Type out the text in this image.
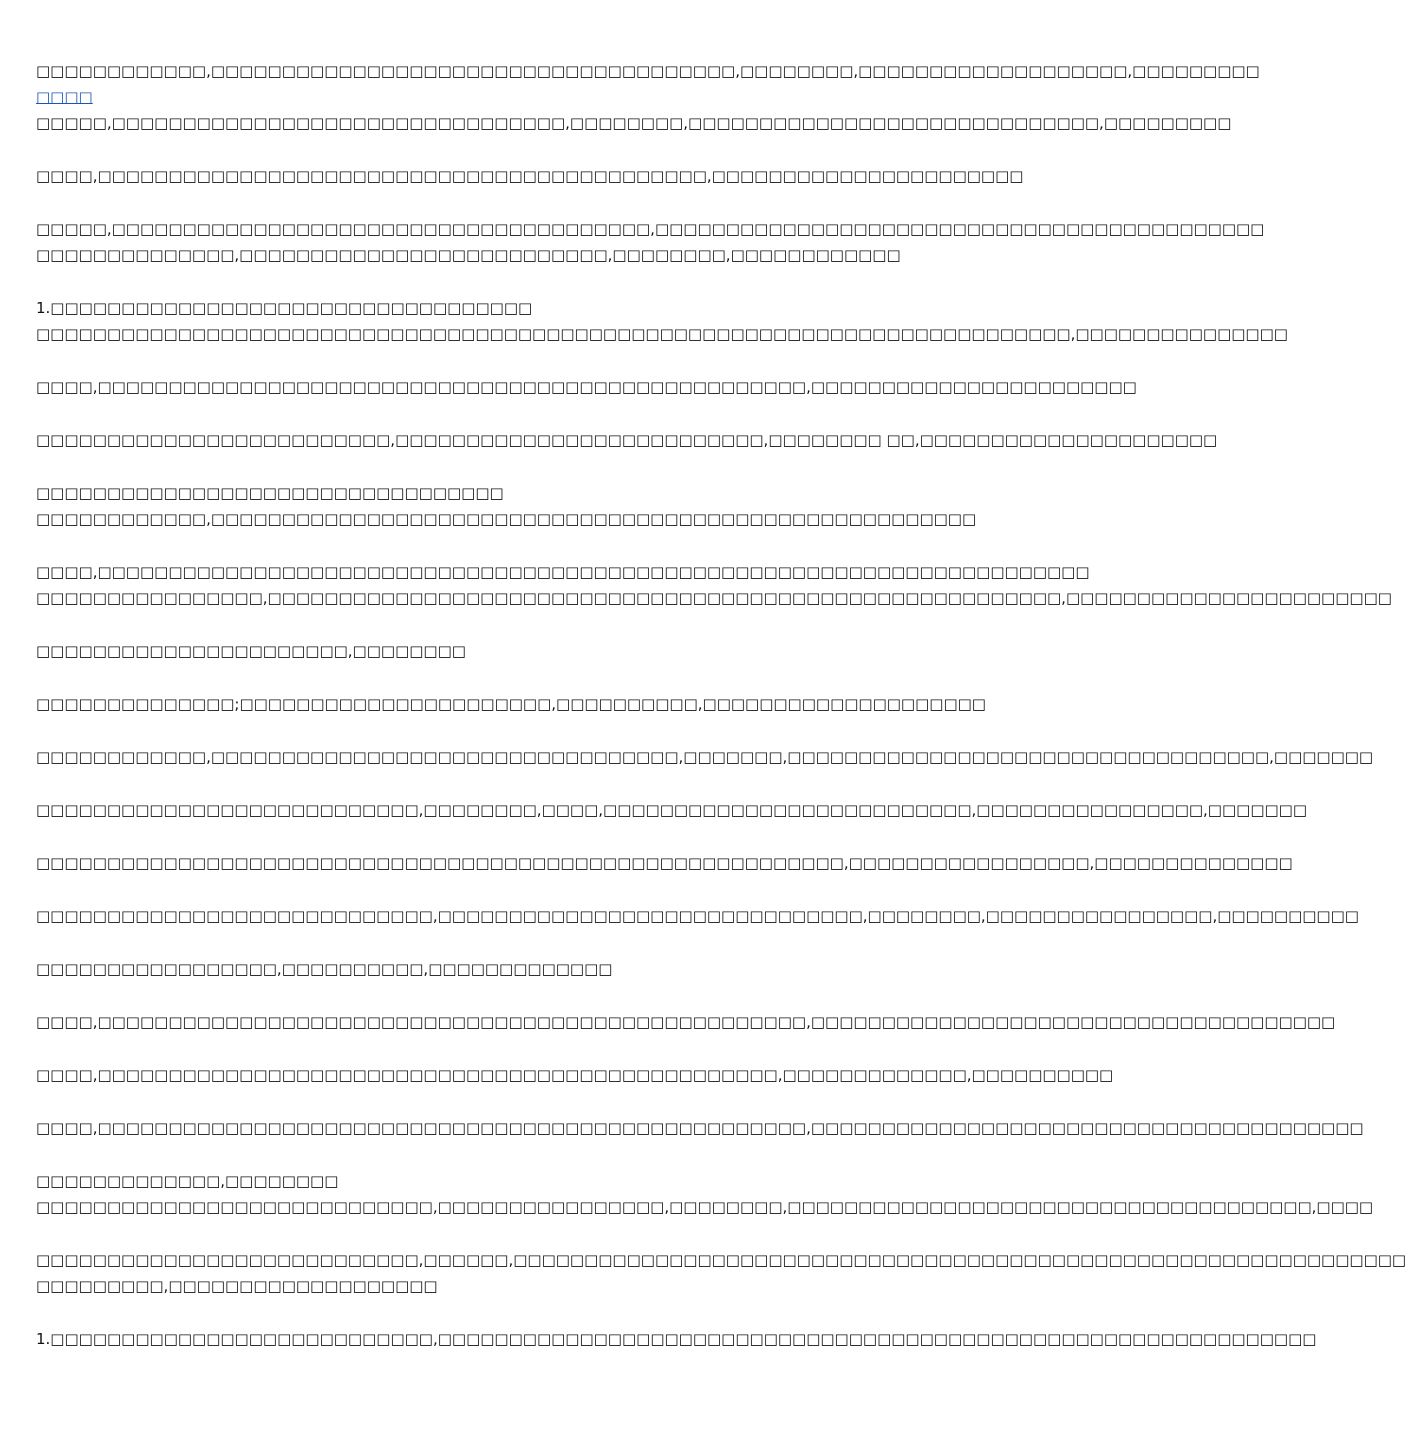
□□□□□□□□□□□□,□□□□□□□□□□□□□□□□□□□□□□□□□□□□□□□□□□□□□,□□□□□□□□,□□□□□□□□□□□□□□□□□□□,□□□□□□□□□
□□□□
□□□□□,□□□□□□□□□□□□□□□□□□□□□□□□□□□□□□□□,□□□□□□□□,□□□□□□□□□□□□□□□□□□□□□□□□□□□□□,□□□□□□□□□
□□□□,□□□□□□□□□□□□□□□□□□□□□□□□□□□□□□□□□□□□□□□□□□□,□□□□□□□□□□□□□□□□□□□□□□
□□□□□,□□□□□□□□□□□□□□□□□□□□□□□□□□□□□□□□□□□□□□,□□□□□□□□□□□□□□□□□□□□□□□□□□□□□□□□□□□□□□□□□□□
□□□□□□□□□□□□□□,□□□□□□□□□□□□□□□□□□□□□□□□□□,□□□□□□□□,□□□□□□□□□□□□
1.□□□□□□□□□□□□□□□□□□□□□□□□□□□□□□□□□□
□□□□□□□□□□□□□□□□□□□□□□□□□□□□□□□□□□□□□□□□□□□□□□□□□□□□□□□□□□□□□□□□□□□□□□□□□,□□□□□□□□□□□□□□□
□□□□,□□□□□□□□□□□□□□□□□□□□□□□□□□□□□□□□□□□□□□□□□□□□□□□□□□,□□□□□□□□□□□□□□□□□□□□□□□
□□□□□□□□□□□□□□□□□□□□□□□□□,□□□□□□□□□□□□□□□□□□□□□□□□□□,□□□□□□□□ □□,□□□□□□□□□□□□□□□□□□□□□
□□□□□□□□□□□□□□□□□□□□□□□□□□□□□□□□□
□□□□□□□□□□□□,□□□□□□□□□□□□□□□□□□□□□□□□□□□□□□□□□□□□□□□□□□□□□□□□□□□□□□
□□□□,□□□□□□□□□□□□□□□□□□□□□□□□□□□□□□□□□□□□□□□□□□□□□□□□□□□□□□□□□□□□□□□□□□□□□□
□□□□□□□□□□□□□□□□,□□□□□□□□□□□□□□□□□□□□□□□□□□□□□□□□□□□□□□□□□□□□□□□□□□□□□□□□,□□□□□□□□□□□□□□□□□□□□□□□
□□□□□□□□□□□□□□□□□□□□□□,□□□□□□□□
□□□□□□□□□□□□□□;□□□□□□□□□□□□□□□□□□□□□□,□□□□□□□□□□,□□□□□□□□□□□□□□□□□□□□
□□□□□□□□□□□□,□□□□□□□□□□□□□□□□□□□□□□□□□□□□□□□□□,□□□□□□□,□□□□□□□□□□□□□□□□□□□□□□□□□□□□□□□□□□,□□□□□□□
□□□□□□□□□□□□□□□□□□□□□□□□□□□,□□□□□□□□,□□□□,□□□□□□□□□□□□□□□□□□□□□□□□□□,□□□□□□□□□□□□□□□□,□□□□□□□
□□□□□□□□□□□□□□□□□□□□□□□□□□□□□□□□□□□□□□□□□□□□□□□□□□□□□□□□□,□□□□□□□□□□□□□□□□□,□□□□□□□□□□□□□□
□□□□□□□□□□□□□□□□□□□□□□□□□□□□,□□□□□□□□□□□□□□□□□□□□□□□□□□□□□□,□□□□□□□□,□□□□□□□□□□□□□□□□,□□□□□□□□□□
□□□□□□□□□□□□□□□□□,□□□□□□□□□□,□□□□□□□□□□□□□
□□□□,□□□□□□□□□□□□□□□□□□□□□□□□□□□□□□□□□□□□□□□□□□□□□□□□□□,□□□□□□□□□□□□□□□□□□□□□□□□□□□□□□□□□□□□□
□□□□,□□□□□□□□□□□□□□□□□□□□□□□□□□□□□□□□□□□□□□□□□□□□□□□□,□□□□□□□□□□□□□,□□□□□□□□□□
□□□□,□□□□□□□□□□□□□□□□□□□□□□□□□□□□□□□□□□□□□□□□□□□□□□□□□□,□□□□□□□□□□□□□□□□□□□□□□□□□□□□□□□□□□□□□□□
□□□□□□□□□□□□□,□□□□□□□□
□□□□□□□□□□□□□□□□□□□□□□□□□□□□,□□□□□□□□□□□□□□□□,□□□□□□□□,□□□□□□□□□□□□□□□□□□□□□□□□□□□□□□□□□□□□□,□□□□
□□□□□□□□□□□□□□□□□□□□□□□□□□□,□□□□□□,□□□□□□□□□□□□□□□□□□□□□□□□□□□□□□□□□□□□□□□□□□□□□□□□□□□□□□□□□□□□□□□
□□□□□□□□□,□□□□□□□□□□□□□□□□□□□
1.□□□□□□□□□□□□□□□□□□□□□□□□□□□,□□□□□□□□□□□□□□□□□□□□□□□□□□□□□□□□□□□□□□□□□□□□□□□□□□□□□□□□□□□□□□
